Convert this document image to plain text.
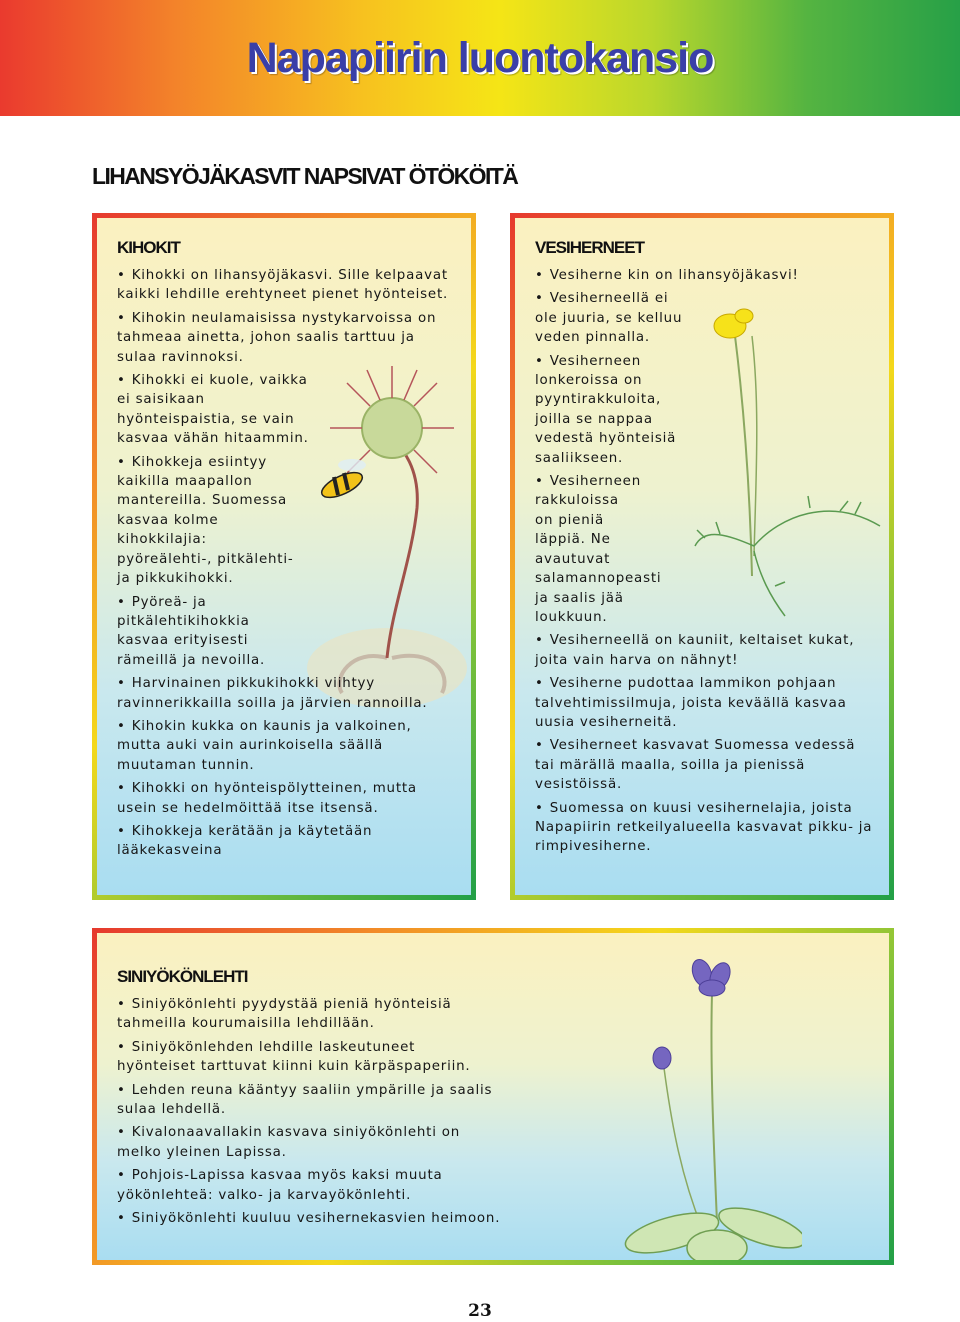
Napapiirin luontokansio
LIHANSYÖJÄKASVIT NAPSIVAT ÖTÖKÖITÄ
KIHOKIT
• Kihokki on lihansyöjäkasvi. Sille kelpaavat kaikki lehdille erehtyneet pienet hyönteiset.
• Kihokin neulamaisissa nystykarvoissa on tahmeaa ainetta, johon saalis tarttuu ja sulaa ravinnoksi.
• Kihokki ei kuole, vaikka ei saisikaan hyönteispaistia, se vain kasvaa vähän hitaammin.
• Kihokkeja esiintyy kaikilla maapallon mantereilla. Suomessa kasvaa kolme kihokkilajia: pyöreälehti-, pitkälehti- ja pikkukihokki.
• Pyöreä- ja pitkälehtikihokkia kasvaa erityisesti rämeillä ja nevoilla.
• Harvinainen pikkukihokki viihtyy ravinnerikkailla soilla ja järvien rannoilla.
• Kihokin kukka on kaunis ja valkoinen, mutta auki vain aurinkoisella säällä muutaman tunnin.
• Kihokki on hyönteispölytteinen, mutta usein se hedelmöittää itse itsensä.
• Kihokkeja kerätään ja käytetään lääkekasveina
VESIHERNEET
• Vesiherne kin on lihansyöjäkasvi!
• Vesiherneellä ei ole juuria, se kelluu veden pinnalla.
• Vesiherneen lonkeroissa on pyyntirakkuloita, joilla se nappaa vedestä hyönteisiä saaliikseen.
• Vesiherneen rakkuloissa on pieniä läppiä. Ne avautuvat salamannopeasti ja saalis jää loukkuun.
• Vesiherneellä on kauniit, keltaiset kukat, joita vain harva on nähnyt!
• Vesiherne pudottaa lammikon pohjaan talvehtimissilmuja, joista keväällä kasvaa uusia vesiherneitä.
• Vesiherneet kasvavat Suomessa vedessä tai märällä maalla, soilla ja pienissä vesistöissä.
• Suomessa on kuusi vesihernelajia, joista Napapiirin retkeilyalueella kasvavat pikku- ja rimpivesiherne.
SINIYÖKÖNLEHTI
• Siniyökönlehti pyydystää pieniä hyönteisiä tahmeilla kourumaisilla lehdillään.
• Siniyökönlehden lehdille laskeutuneet hyönteiset tarttuvat kiinni kuin kärpäspaperiin.
• Lehden reuna kääntyy saaliin ympärille ja saalis sulaa lehdellä.
• Kivalonaavallakin kasvava siniyökönlehti on melko yleinen Lapissa.
• Pohjois-Lapissa kasvaa myös kaksi muuta yökönlehteä: valko- ja karvayökönlehti.
• Siniyökönlehti kuuluu vesihernekasvien heimoon.
23
